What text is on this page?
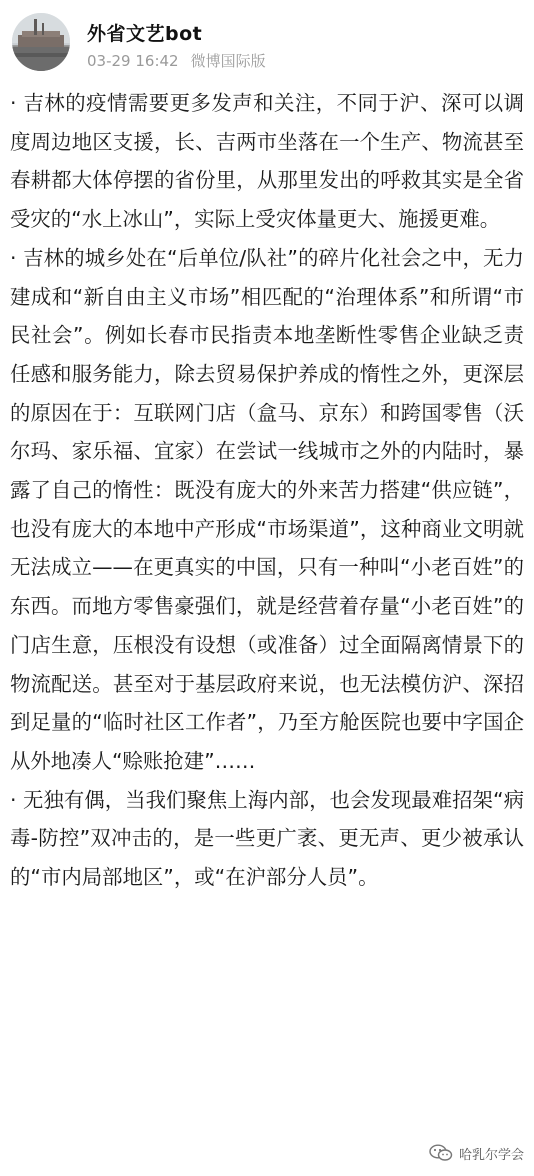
外省文艺bot
03-29 16:42 微博国际版

· 吉林的疫情需要更多发声和关注，不同于沪、深可以调度周边地区支援，长、吉两市坐落在一个生产、物流甚至春耕都大体停摆的省份里，从那里发出的呼救其实是全省受灾的“水上冰山”，实际上受灾体量更大、施援更难。

· 吉林的城乡处在“后单位/队社”的碎片化社会之中，无力建成和“新自由主义市场”相匹配的“治理体系”和所谓“市民社会”。例如长春市民指责本地垄断性零售企业缺乏责任感和服务能力，除去贸易保护养成的惰性之外，更深层的原因在于：互联网门店（盒马、京东）和跨国零售（沃尔玛、家乐福、宜家）在尝试一线城市之外的内陆时，暴露了自己的惰性：既没有庞大的外来苦力搭建“供应链”，也没有庞大的本地中产形成“市场渠道”，这种商业文明就无法成立——在更真实的中国，只有一种叫“小老百姓”的东西。而地方零售豪强们，就是经营着存量“小老百姓”的门店生意，压根没有设想（或准备）过全面隔离情景下的物流配送。甚至对于基层政府来说，也无法模仿沪、深招到足量的“临时社区工作者”，乃至方舱医院也要中字国企从外地凑人“赊账抢建”……

· 无独有偶，当我们聚焦上海内部，也会发现最难招架“病毒-防控”双冲击的，是一些更广袤、更无声、更少被承认的“市内局部地区”，或“在沪部分人员”。

哈乳尔学会
